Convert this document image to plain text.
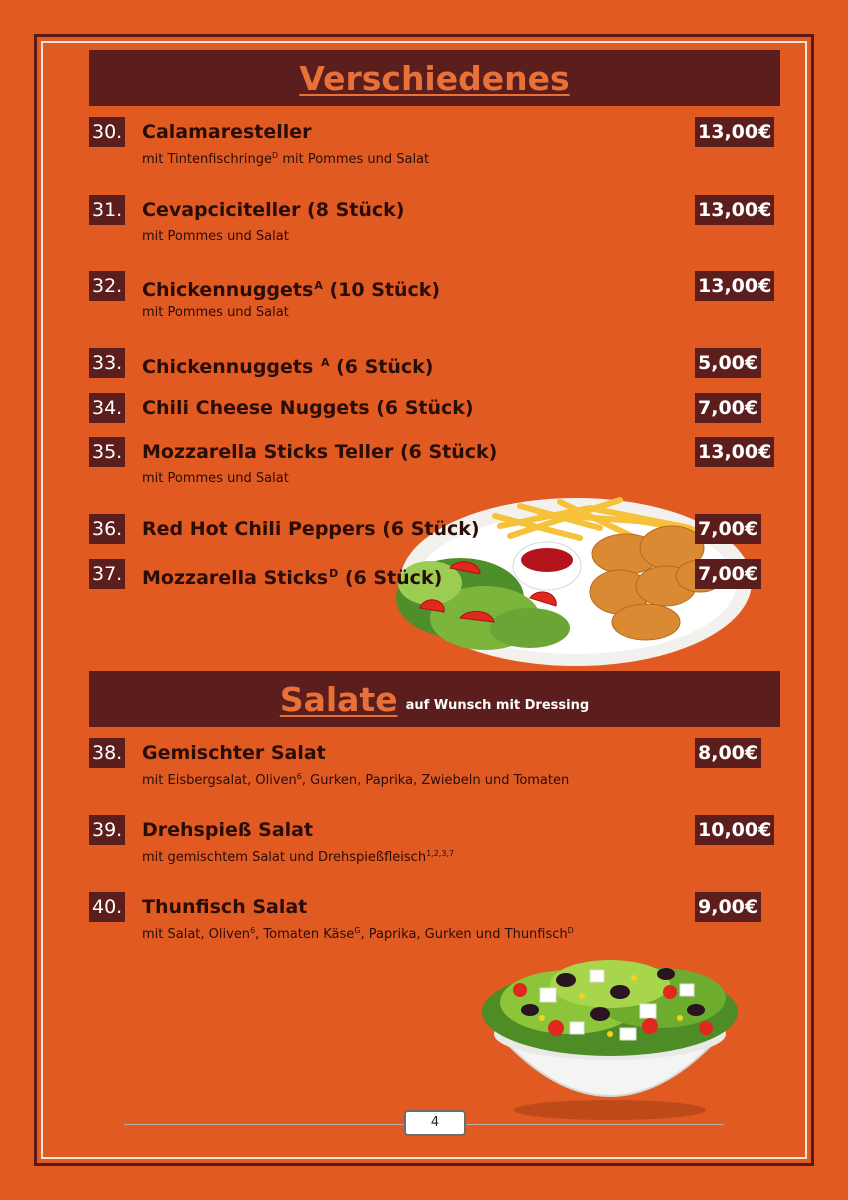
Verschiedenes
30. Calamaresteller	13,00€
mit Tintenfischringe$^D$ mit Pommes und Salat
31. Cevapciciteller (8 Stück)	13,00€
mit Pommes und Salat
32. Chickennuggets$^A$ (10 Stück)	13,00€
mit Pommes und Salat
33. Chickennuggets $^A$ (6 Stück)	5,00€
34. Chili Cheese Nuggets (6 Stück)	7,00€
35. Mozzarella Sticks Teller (6 Stück)	13,00€
mit Pommes und Salat
36. Red Hot Chili Peppers (6 Stück)	7,00€
37. Mozzarella Sticks$^D$ (6 Stück)	7,00€
Salate auf Wunsch mit Dressing
38. Gemischter Salat	8,00€
mit Eisbergsalat, Oliven$^6$, Gurken, Paprika, Zwiebeln und Tomaten
39. Drehspieß Salat	10,00€
mit gemischtem Salat und Drehspießfleisch$^{1,2,3,7}$
40. Thunfisch Salat	9,00€
mit Salat, Oliven$^6$, Tomaten Käse$^G$, Paprika, Gurken und Thunfisch$^D$
4
